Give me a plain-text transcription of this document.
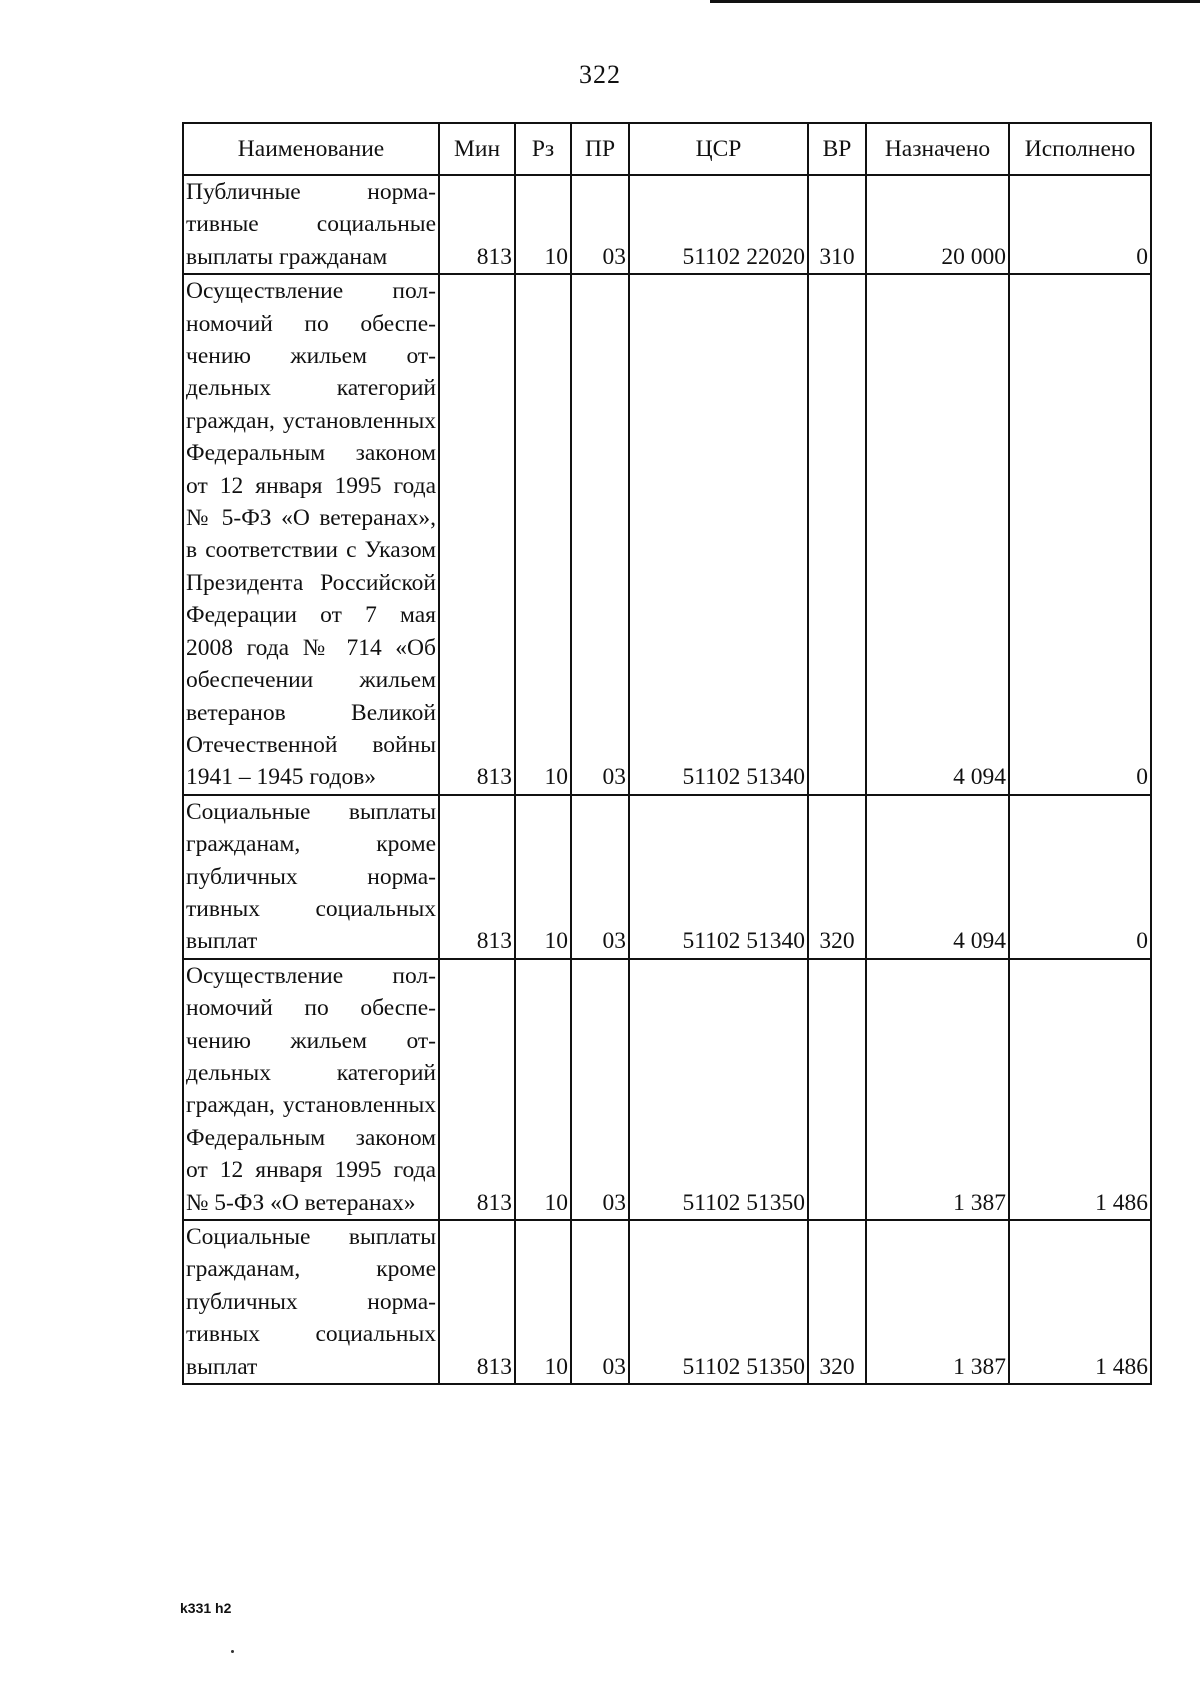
322
Наименование	Мин	Рз	ПР	ЦСР	ВР	Назначено	Исполнено
Публичные нормативные социальные выплаты гражданам	813	10	03	51102 22020	310	20 000	0
Осуществление полномочий по обеспечению жильем отдельных категорий граждан, установленных Федеральным законом от 12 января 1995 года № 5-ФЗ «О ветеранах», в соответствии с Указом Президента Российской Федерации от 7 мая 2008 года № 714 «Об обеспечении жильем ветеранов Великой Отечественной войны 1941 – 1945 годов»	813	10	03	51102 51340		4 094	0
Социальные выплаты гражданам, кроме публичных нормативных социальных выплат	813	10	03	51102 51340	320	4 094	0
Осуществление полномочий по обеспечению жильем отдельных категорий граждан, установленных Федеральным законом от 12 января 1995 года № 5-ФЗ «О ветеранах»	813	10	03	51102 51350		1 387	1 486
Социальные выплаты гражданам, кроме публичных нормативных социальных выплат	813	10	03	51102 51350	320	1 387	1 486
k331 h2
